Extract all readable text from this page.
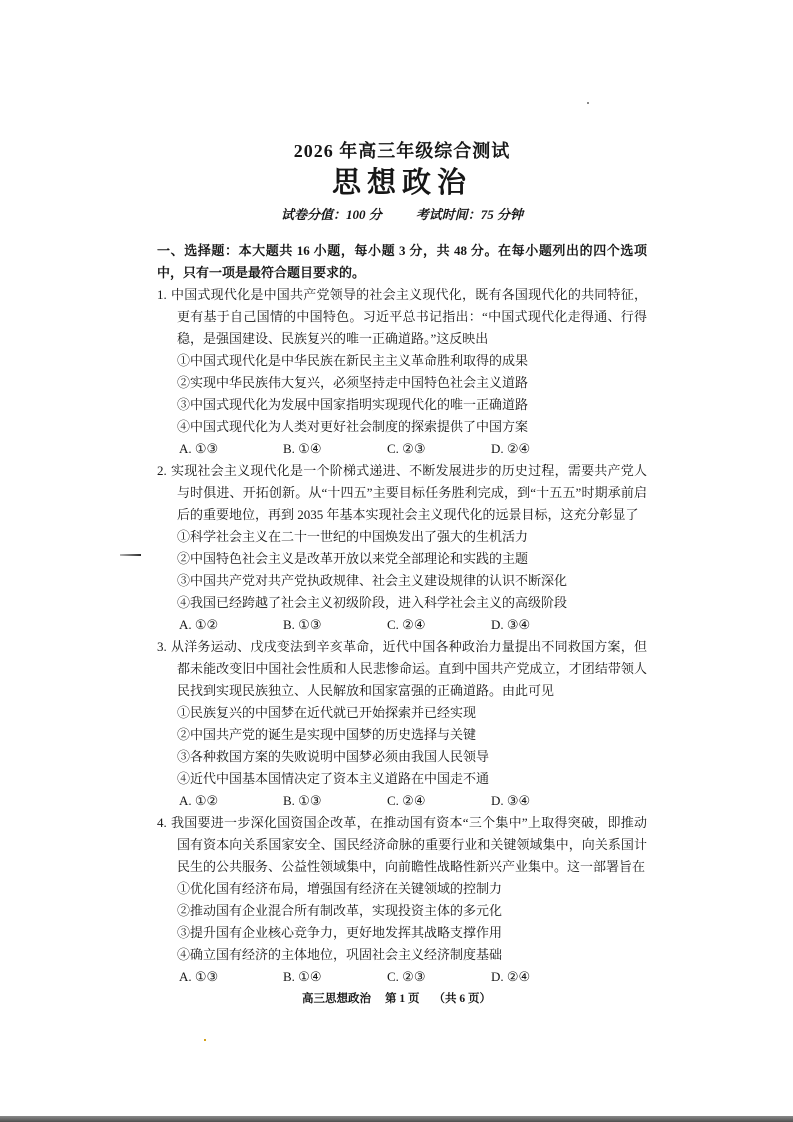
2026 年高三年级综合测试

思想政治

试卷分值：100 分	考试时间：75 分钟

一、选择题：本大题共 16 小题，每小题 3 分，共 48 分。在每小题列出的四个选项中，只有一项是最符合题目要求的。

1. 中国式现代化是中国共产党领导的社会主义现代化，既有各国现代化的共同特征，更有基于自己国情的中国特色。习近平总书记指出：“中国式现代化走得通、行得稳，是强国建设、民族复兴的唯一正确道路。”这反映出

①中国式现代化是中华民族在新民主主义革命胜利取得的成果

②实现中华民族伟大复兴，必须坚持走中国特色社会主义道路

③中国式现代化为发展中国家指明实现现代化的唯一正确道路

④中国式现代化为人类对更好社会制度的探索提供了中国方案

A. ①③	B. ①④	C. ②③	D. ②④

2. 实现社会主义现代化是一个阶梯式递进、不断发展进步的历史过程，需要共产党人与时俱进、开拓创新。从“十四五”主要目标任务胜利完成，到“十五五”时期承前启后的重要地位，再到 2035 年基本实现社会主义现代化的远景目标，这充分彰显了

①科学社会主义在二十一世纪的中国焕发出了强大的生机活力

②中国特色社会主义是改革开放以来党全部理论和实践的主题

③中国共产党对共产党执政规律、社会主义建设规律的认识不断深化

④我国已经跨越了社会主义初级阶段，进入科学社会主义的高级阶段

A. ①②	B. ①③	C. ②④	D. ③④

3. 从洋务运动、戊戌变法到辛亥革命，近代中国各种政治力量提出不同救国方案，但都未能改变旧中国社会性质和人民悲惨命运。直到中国共产党成立，才团结带领人民找到实现民族独立、人民解放和国家富强的正确道路。由此可见

①民族复兴的中国梦在近代就已开始探索并已经实现

②中国共产党的诞生是实现中国梦的历史选择与关键

③各种救国方案的失败说明中国梦必须由我国人民领导

④近代中国基本国情决定了资本主义道路在中国走不通

A. ①②	B. ①③	C. ②④	D. ③④

4. 我国要进一步深化国资国企改革，在推动国有资本“三个集中”上取得突破，即推动国有资本向关系国家安全、国民经济命脉的重要行业和关键领域集中，向关系国计民生的公共服务、公益性领域集中，向前瞻性战略性新兴产业集中。这一部署旨在

①优化国有经济布局，增强国有经济在关键领域的控制力

②推动国有企业混合所有制改革，实现投资主体的多元化

③提升国有企业核心竞争力，更好地发挥其战略支撑作用

④确立国有经济的主体地位，巩固社会主义经济制度基础

A. ①③	B. ①④	C. ②③	D. ②④
高三思想政治 第 1 页 （共 6 页）
